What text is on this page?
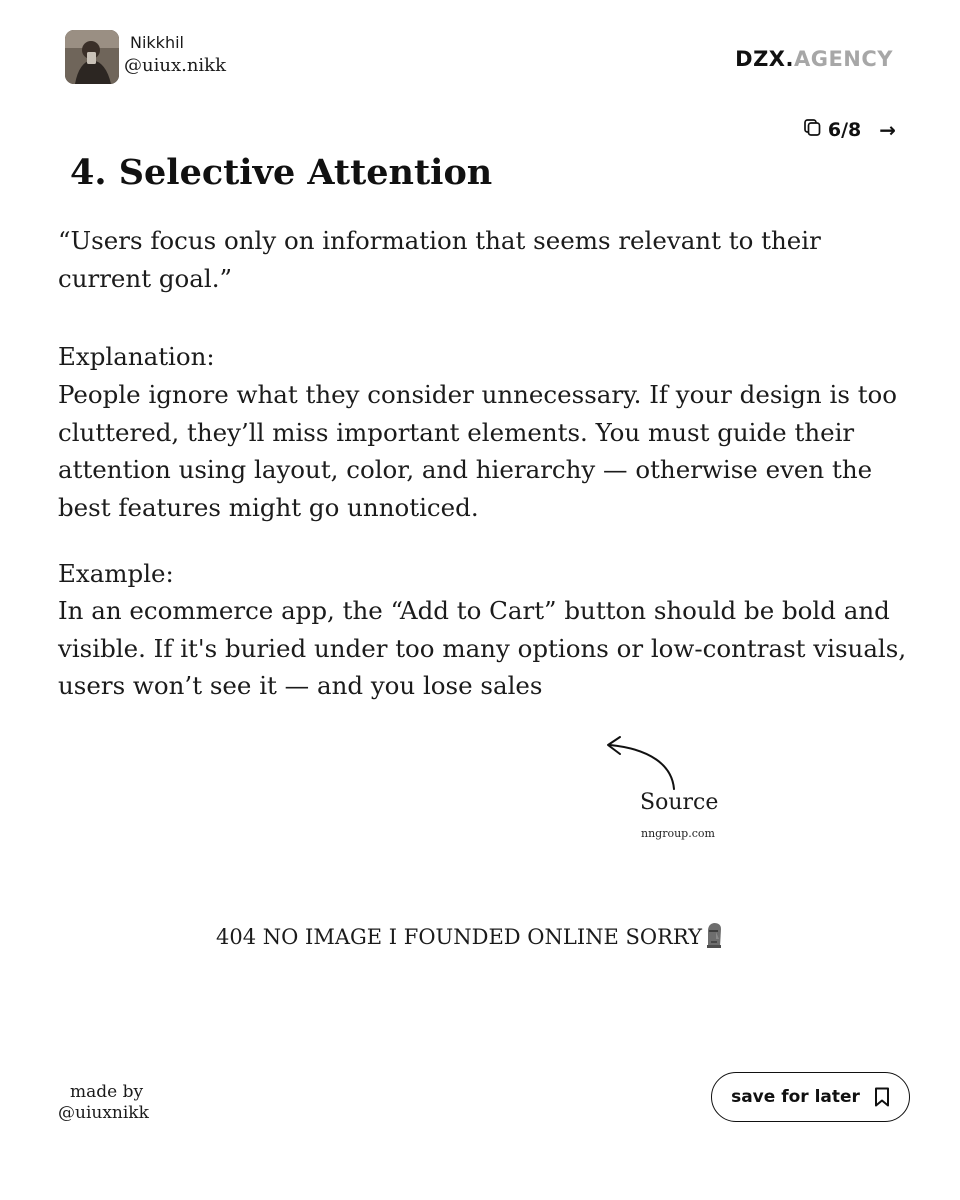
Nikkhil
@uiux.nikk	DZX.AGENCY
6/8 →
4. Selective Attention
“Users focus only on information that seems relevant to their current goal.”
Explanation:
People ignore what they consider unnecessary. If your design is too cluttered, they’ll miss important elements. You must guide their attention using layout, color, and hierarchy — otherwise even the best features might go unnoticed.
Example:
In an ecommerce app, the “Add to Cart” button should be bold and visible. If it's buried under too many options or low-contrast visuals, users won’t see it — and you lose sales
Source
nngroup.com
404 NO IMAGE I FOUNDED ONLINE SORRY
made by
@uiuxnikk
save for later
